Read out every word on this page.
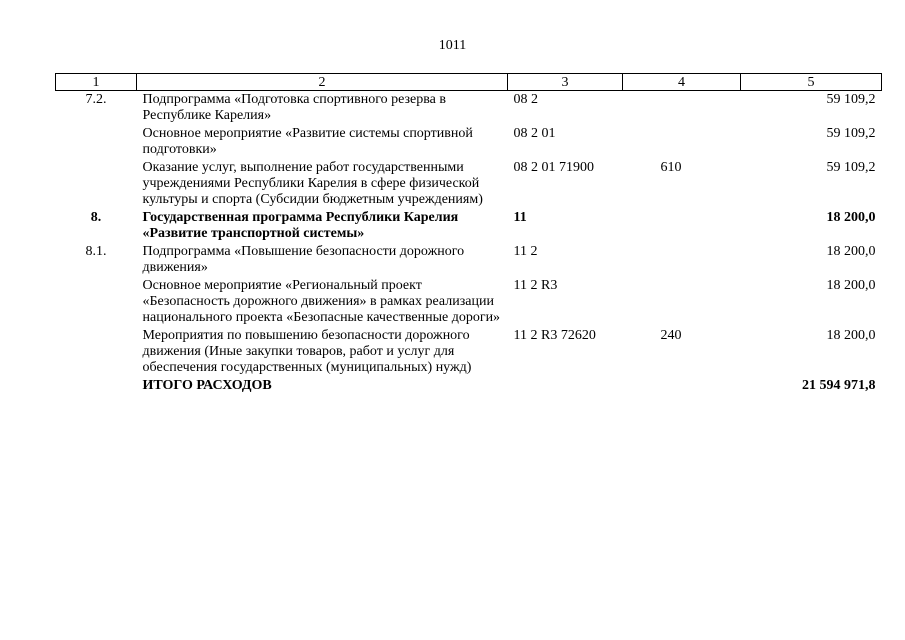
1011
1	2	3	4	5
7.2.	Подпрограмма «Подготовка спортивного резерва в Республике Карелия»	08 2		59 109,2
	Основное мероприятие «Развитие системы спортивной подготовки»	08 2 01		59 109,2
	Оказание услуг, выполнение работ государственными учреждениями Республики Карелия в сфере физической культуры и спорта (Субсидии бюджетным учреждениям)	08 2 01 71900	610	59 109,2
8.	Государственная программа Республики Карелия «Развитие транспортной системы»	11		18 200,0
8.1.	Подпрограмма «Повышение безопасности дорожного движения»	11 2		18 200,0
	Основное мероприятие «Региональный проект «Безопасность дорожного движения» в рамках реализации национального проекта «Безопасные качественные дороги»	11 2 R3		18 200,0
	Мероприятия по повышению безопасности дорожного движения (Иные закупки товаров, работ и услуг для обеспечения государственных (муниципальных) нужд)	11 2 R3 72620	240	18 200,0
	ИТОГО РАСХОДОВ			21 594 971,8
